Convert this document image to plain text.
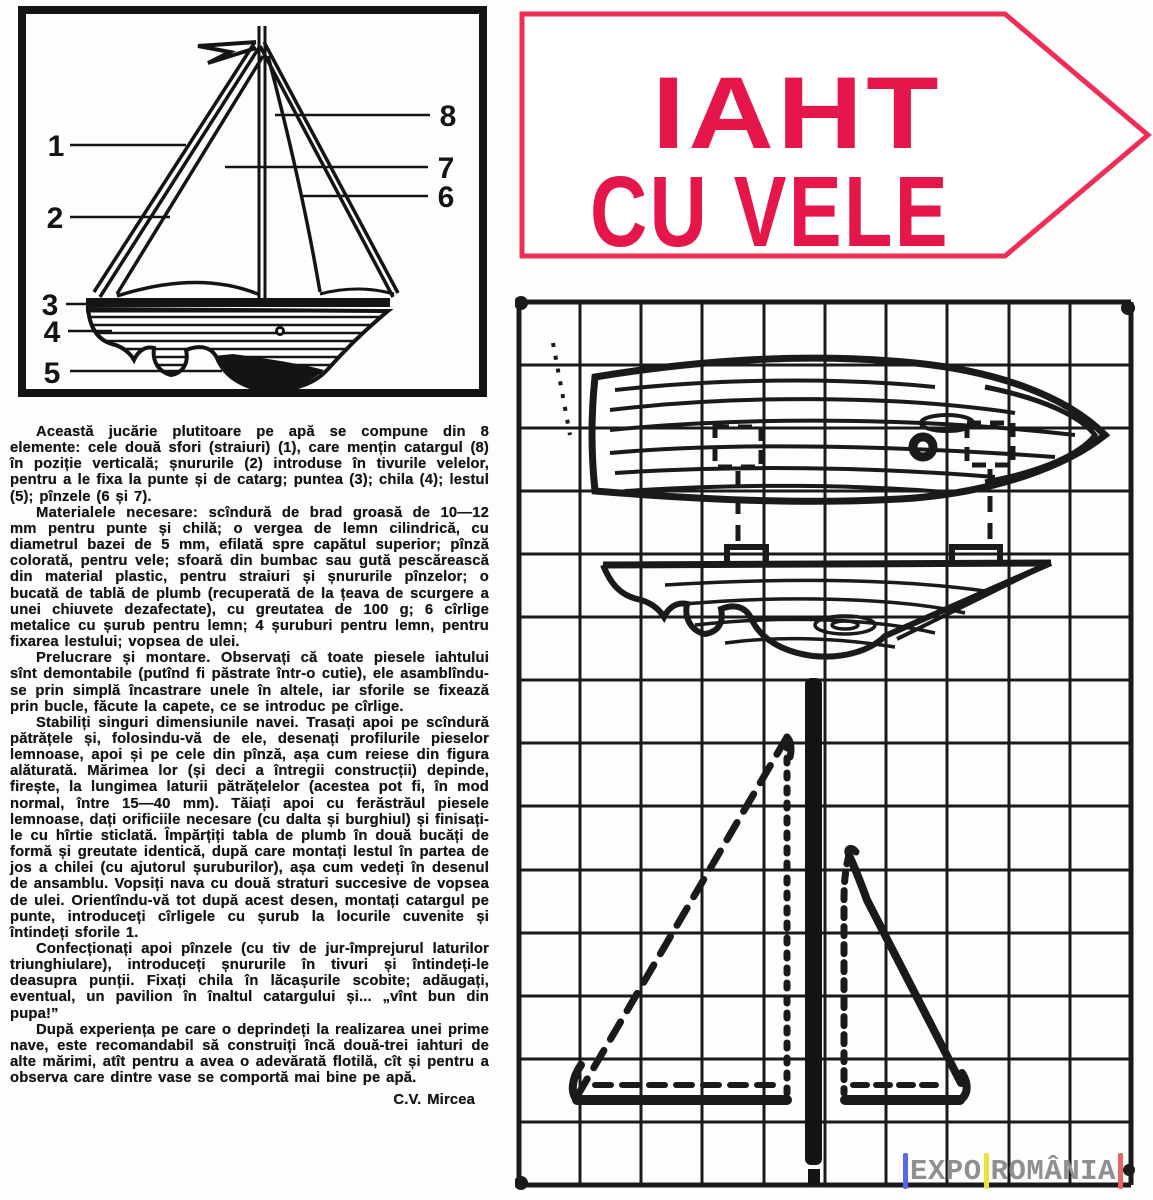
1
2
3
4
5
8
7
6

Această jucărie plutitoare pe apă se compune din 8 elemente: cele două sfori (straiuri) (1), care mențin catargul (8) în poziție verticală; șnururile (2) introduse în tivurile velelor, pentru a le fixa la punte și de catarg; puntea (3); chila (4); lestul (5); pînzele (6 și 7).

Materialele necesare: scîndură de brad groasă de 10—12 mm pentru punte și chilă; o vergea de lemn cilindrică, cu diametrul bazei de 5 mm, efilată spre capătul superior; pînză colorată, pentru vele; sfoară din bumbac sau gută pescărească din material plastic, pentru straiuri și șnururile pînzelor; o bucată de tablă de plumb (recuperată de la țeava de scurgere a unei chiuvete dezafectate), cu greutatea de 100 g; 6 cîrlige metalice cu șurub pentru lemn; 4 șuruburi pentru lemn, pentru fixarea lestului; vopsea de ulei.

Prelucrare și montare. Observați că toate piesele iahtului sînt demontabile (putînd fi păstrate într-o cutie), ele asamblîndu-se prin simplă încastrare unele în altele, iar sforile se fixează prin bucle, făcute la capete, ce se introduc pe cîrlige.

Stabiliți singuri dimensiunile navei. Trasați apoi pe scîndură pătrățele și, folosindu-vă de ele, desenați profilurile pieselor lemnoase, apoi și pe cele din pînză, așa cum reiese din figura alăturată. Mărimea lor (și deci a întregii construcții) depinde, firește, la lungimea laturii pătrățelelor (acestea pot fi, în mod normal, între 15—40 mm). Tăiați apoi cu ferăstrăul piesele lemnoase, dați orificiile necesare (cu dalta și burghiul) și finisați-le cu hîrtie sticlată. Împărțiți tabla de plumb în două bucăți de formă și greutate identică, după care montați lestul în partea de jos a chilei (cu ajutorul șuruburilor), așa cum vedeți în desenul de ansamblu. Vopsiți nava cu două straturi succesive de vopsea de ulei. Orientîndu-vă tot după acest desen, montați catargul pe punte, introduceți cîrligele cu șurub la locurile cuvenite și întindeți sforile 1.

Confecționați apoi pînzele (cu tiv de jur-împrejurul laturilor triunghiulare), introduceți șnururile în tivuri și întindeți-le deasupra punții. Fixați chila în lăcașurile scobite; adăugați, eventual, un pavilion în înaltul catargului și... „vînt bun din pupa!”

După experiența pe care o deprindeți la realizarea unei prime nave, este recomandabil să construiți încă două-trei iahturi de alte mărimi, atît pentru a avea o adevărată flotilă, cît și pentru a observa care dintre vase se comportă mai bine pe apă.

C.V. Mircea
IAHT
CU VELE
EXPO ROMÂNIA
